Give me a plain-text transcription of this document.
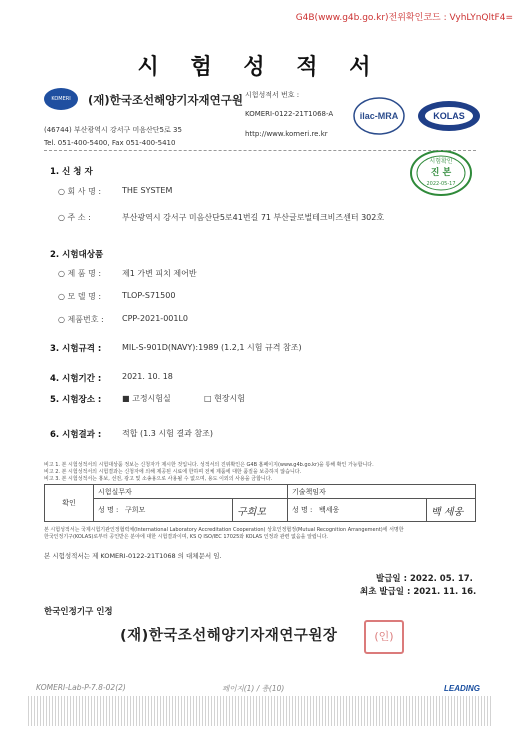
G4B(www.g4b.go.kr)전위확인코드 : VyhLYnQltF4=
시 험 성 적 서
KOMERI	(재)한국조선해양기자재연구원
(46744) 부산광역시 강서구 미음산단5로 35
Tel. 051-400-5400, Fax 051-400-5410
시험성적서 번호 :
KOMERI-0122-21T1068-A
http://www.komeri.re.kr
ilac-MRA	KOLAS
시험확인
진 본
2022-05-17
1. 신 청 자
○ 회 사 명 :	THE SYSTEM
○ 주 소 :	부산광역시 강서구 미음산단5로41번길 71 부산글로벌테크비즈센터 302호
2. 시험대상품
○ 제 품 명 :	제1 가변 피치 제어반
○ 모 델 명 :	TLOP-S71500
○ 제품번호 : CPP-2021-001L0
3. 시험규격 :	MIL-S-901D(NAVY):1989 (1.2,1 시험 규격 참조)
4. 시험기간 :	2021. 10. 18
5. 시험장소 :	■ 고정시험실	□ 현장시험
6. 시험결과 :	적합 (1.3 시험 결과 참조)
비고 1. 본 시험성적서의 시험대상품 정보는 신청자가 제시한 것입니다. 성적서의 진위확인은 G4B 홈페이지(www.g4b.go.kr)을 통해 확인 가능합니다.
비고 2. 본 시험성적서의 시험결과는 신청자에 의해 제공된 시료에 한하며 전체 제품에 대한 품질을 보증하지 않습니다.
비고 3. 본 시험성적서는 홍보, 선전, 광고 및 소송용으로 사용될 수 없으며, 용도 이외의 사용을 금합니다.
확인	시험실무자		기술책임자	
	성 명 : 구희모	구희모	성 명 : 백세웅	백 세웅
본 시험성적서는 국제시험기관인정협력체(International Laboratory Accreditation Cooperation) 상호인정협정(Mutual Recognition Arrangement)에 서명한
한국인정기구(KOLAS)로부터 공인받은 분야에 대한 시험결과이며, KS Q ISO/IEC 17025와 KOLAS 인정과 관련 없음을 알립니다.
본 시험성적서는 제 KOMERI-0122-21T1068 의 대체문서 임.
발급일 : 2022. 05. 17.
최초 발급일 : 2021. 11. 16.
한국인정기구 인정
(재)한국조선해양기자재연구원장	(인)
KOMERI-Lab-P-7.8-02(2)	페이지(1) / 총(10)	LEADING
